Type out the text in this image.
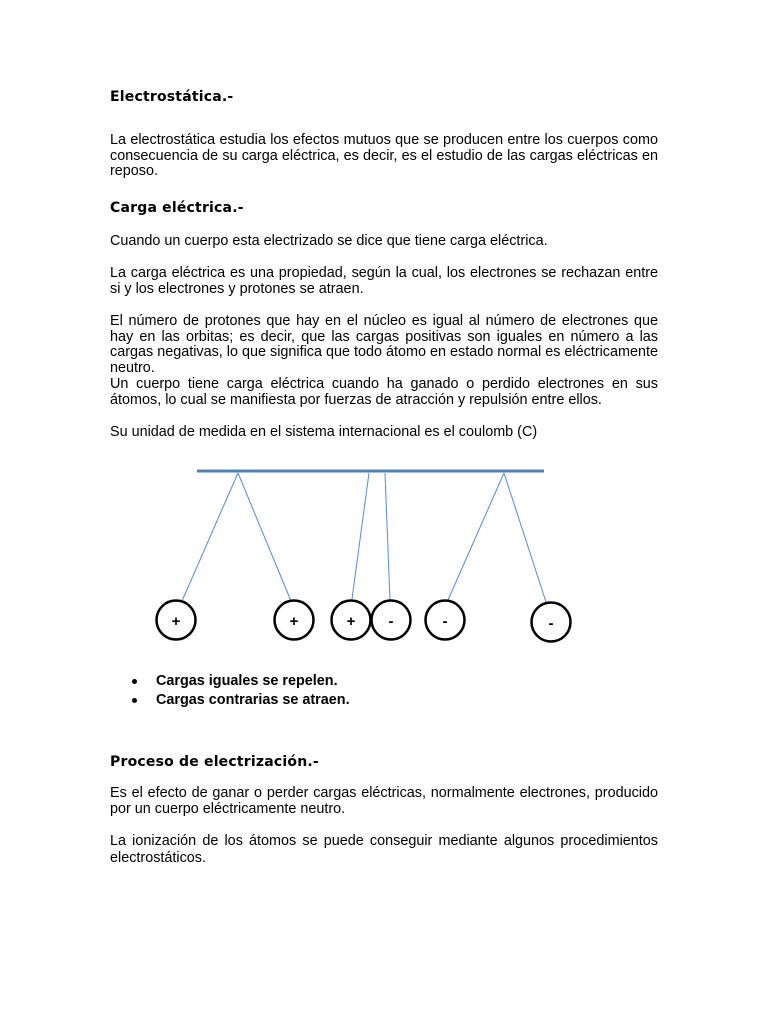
Electrostática.-

La electrostática estudia los efectos mutuos que se producen entre los cuerpos como consecuencia de su carga eléctrica, es decir, es el estudio de las cargas eléctricas en reposo.

Carga eléctrica.-

Cuando un cuerpo esta electrizado se dice que tiene carga eléctrica.

La carga eléctrica es una propiedad, según la cual, los electrones se rechazan entre si y los electrones y protones se atraen.

El número de protones que hay en el núcleo es igual al número de electrones que hay en las orbitas; es decir, que las cargas positivas son iguales en número a las cargas negativas, lo que significa que todo átomo en estado normal es eléctricamente neutro.

Un cuerpo tiene carga eléctrica cuando ha ganado o perdido electrones en sus átomos, lo cual se manifiesta por fuerzas de atracción y repulsión entre ellos.

Su unidad de medida en el sistema internacional es el coulomb (C)

+	+	+ -	-	-
Cargas iguales se repelen.
Cargas contrarias se atraen.
Proceso de electrización.-

Es el efecto de ganar o perder cargas eléctricas, normalmente electrones, producido por un cuerpo eléctricamente neutro.

La ionización de los átomos se puede conseguir mediante algunos procedimientos electrostáticos.
